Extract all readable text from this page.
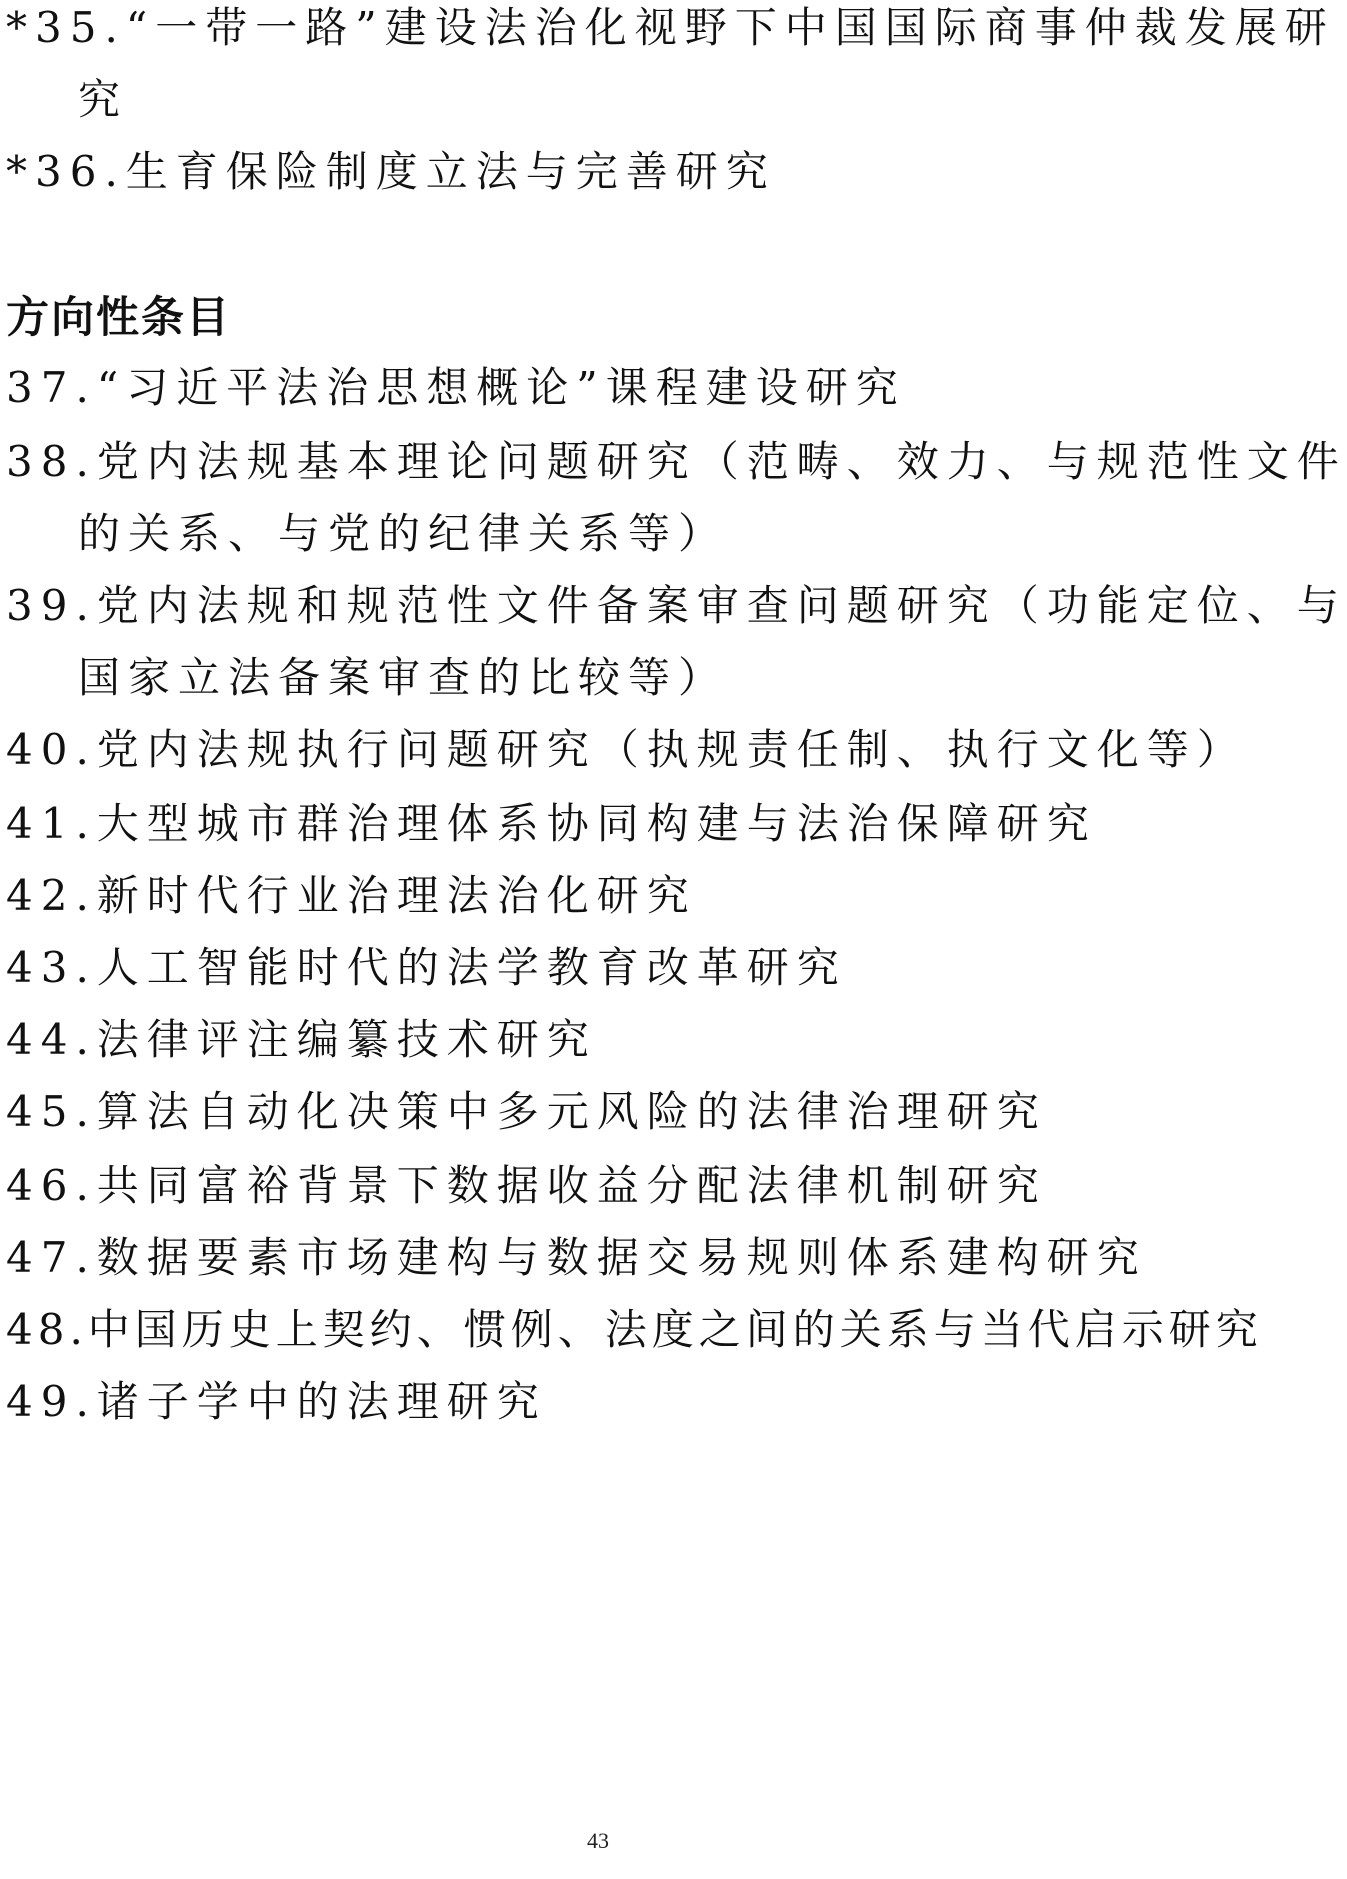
*35.“一带一路”建设法治化视野下中国国际商事仲裁发展研
究
*36.生育保险制度立法与完善研究
方向性条目
37.“习近平法治思想概论”课程建设研究
38.党内法规基本理论问题研究（范畴、效力、与规范性文件
的关系、与党的纪律关系等）
39.党内法规和规范性文件备案审查问题研究（功能定位、与
国家立法备案审查的比较等）
40.党内法规执行问题研究（执规责任制、执行文化等）
41.大型城市群治理体系协同构建与法治保障研究
42.新时代行业治理法治化研究
43.人工智能时代的法学教育改革研究
44.法律评注编纂技术研究
45.算法自动化决策中多元风险的法律治理研究
46.共同富裕背景下数据收益分配法律机制研究
47.数据要素市场建构与数据交易规则体系建构研究
48.中国历史上契约、惯例、法度之间的关系与当代启示研究
49.诸子学中的法理研究
43
